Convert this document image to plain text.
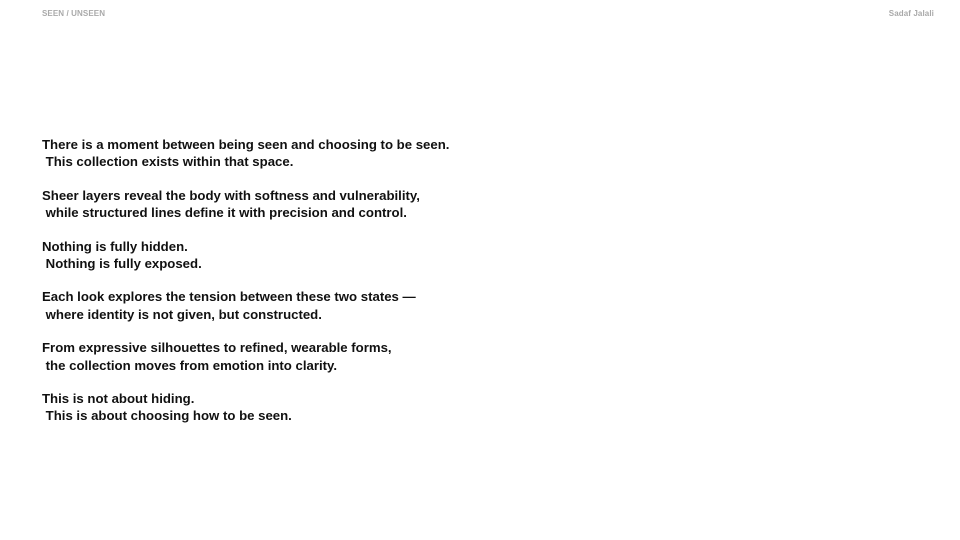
SEEN / UNSEEN	Sadaf Jalali
There is a moment between being seen and choosing to be seen.
This collection exists within that space.
Sheer layers reveal the body with softness and vulnerability,
while structured lines define it with precision and control.
Nothing is fully hidden.
Nothing is fully exposed.
Each look explores the tension between these two states —
where identity is not given, but constructed.
From expressive silhouettes to refined, wearable forms,
the collection moves from emotion into clarity.
This is not about hiding.
This is about choosing how to be seen.
